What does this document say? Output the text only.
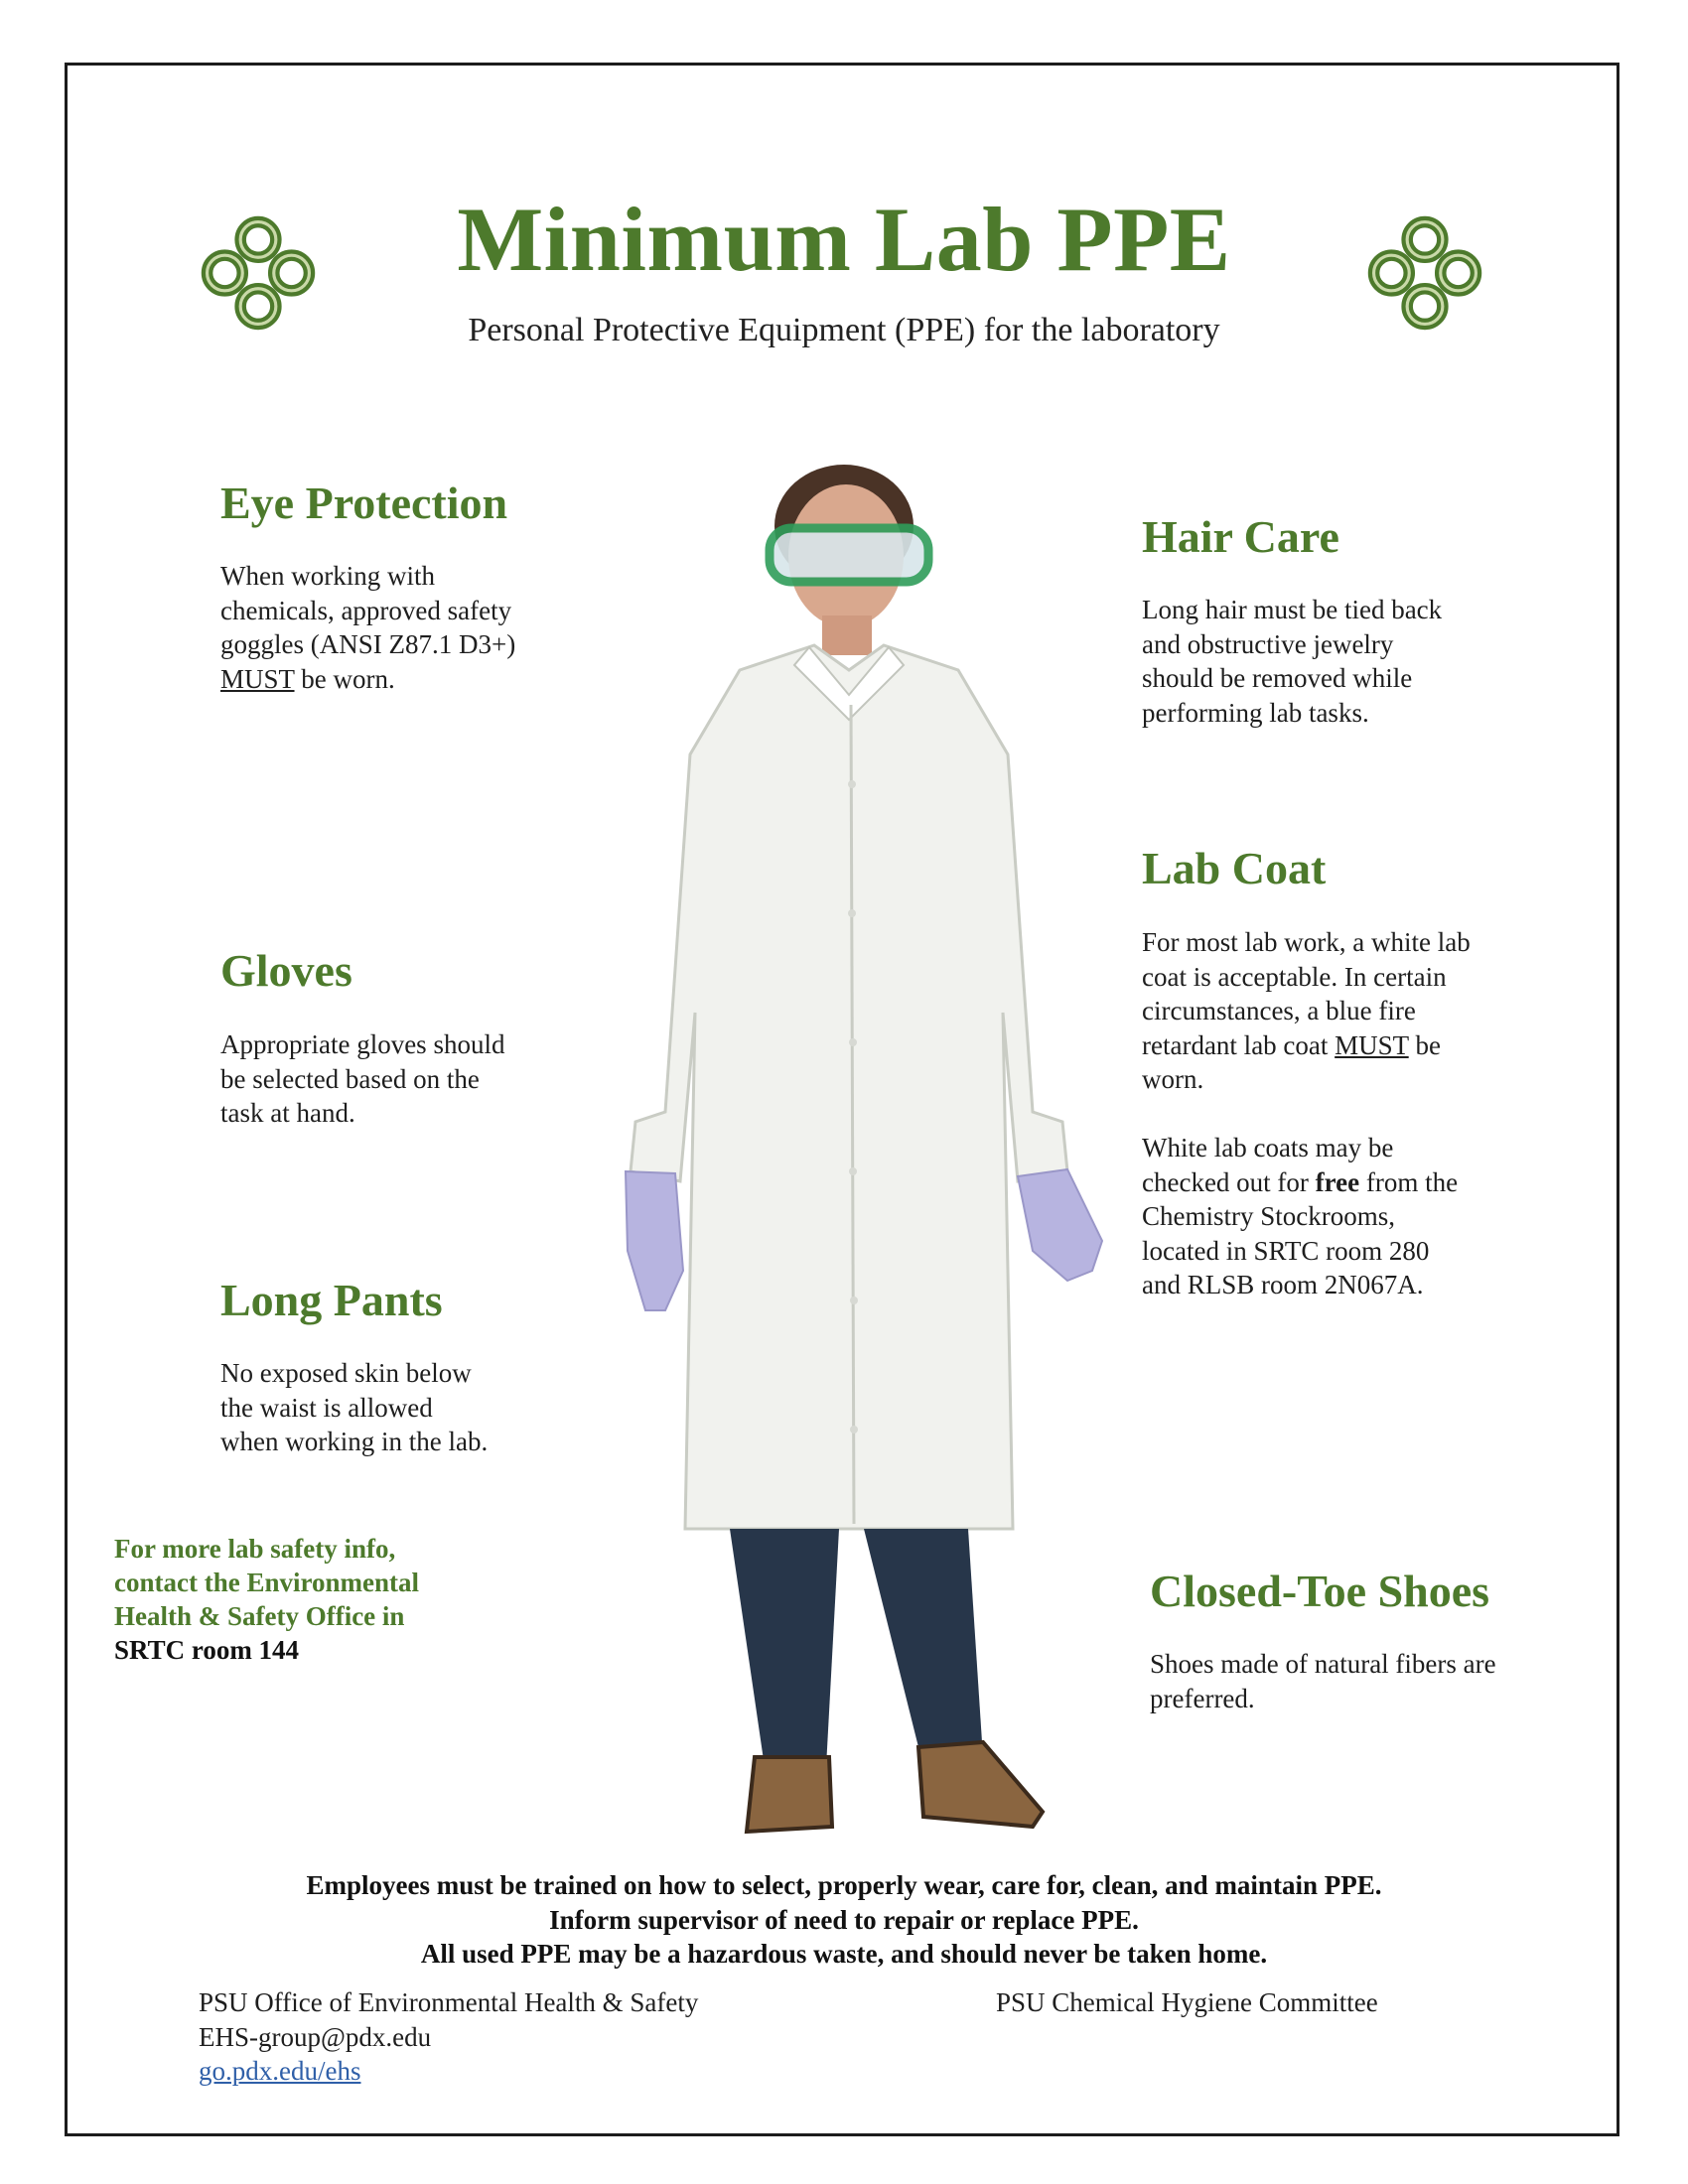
Minimum Lab PPE
Personal Protective Equipment (PPE) for the laboratory
Eye Protection
When working with
chemicals, approved safety
goggles (ANSI Z87.1 D3+)
MUST be worn.
Hair Care
Long hair must be tied back
and obstructive jewelry
should be removed while
performing lab tasks.
Lab Coat
For most lab work, a white lab
coat is acceptable. In certain
circumstances, a blue fire
retardant lab coat MUST be
worn.
White lab coats may be
checked out for free from the
Chemistry Stockrooms,
located in SRTC room 280
and RLSB room 2N067A.
Gloves
Appropriate gloves should
be selected based on the
task at hand.
Long Pants
No exposed skin below
the waist is allowed
when working in the lab.
Closed-Toe Shoes
Shoes made of natural fibers are
preferred.
For more lab safety info,
contact the Environmental
Health & Safety Office in
SRTC room 144
Employees must be trained on how to select, properly wear, care for, clean, and maintain PPE.
Inform supervisor of need to repair or replace PPE.
All used PPE may be a hazardous waste, and should never be taken home.
PSU Office of Environmental Health & Safety
EHS-group@pdx.edu
go.pdx.edu/ehs
PSU Chemical Hygiene Committee
